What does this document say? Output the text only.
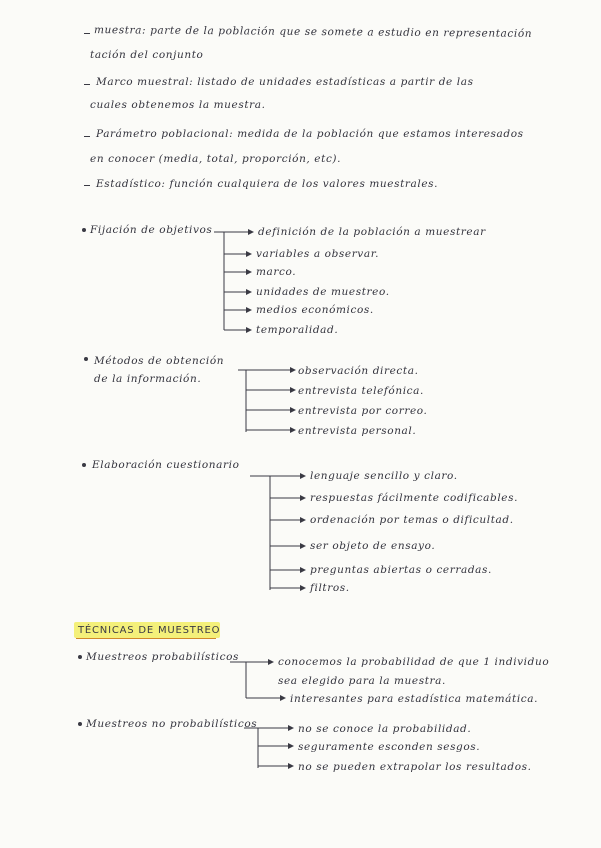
muestra: parte de la población que se somete a estudio en representación
tación del conjunto
Marco muestral: listado de unidades estadísticas a partir de las
cuales obtenemos la muestra.
Parámetro poblacional: medida de la población que estamos interesados
en conocer (media, total, proporción, etc).
Estadístico: función cualquiera de los valores muestrales.
Fijación de objetivos	definición de la población a muestrear
variables a observar.
marco.
unidades de muestreo.
medios económicos.
temporalidad.
Métodos de obtención
de la información.
observación directa.
entrevista telefónica.
entrevista por correo.
entrevista personal.
Elaboración cuestionario
lenguaje sencillo y claro.
respuestas fácilmente codificables.
ordenación por temas o dificultad.
ser objeto de ensayo.
preguntas abiertas o cerradas.
filtros.
TÉCNICAS DE MUESTREO
Muestreos probabilísticos	conocemos la probabilidad de que 1 individuo
sea elegido para la muestra.
interesantes para estadística matemática.
Muestreos no probabilísticos	no se conoce la probabilidad.
seguramente esconden sesgos.
no se pueden extrapolar los resultados.
